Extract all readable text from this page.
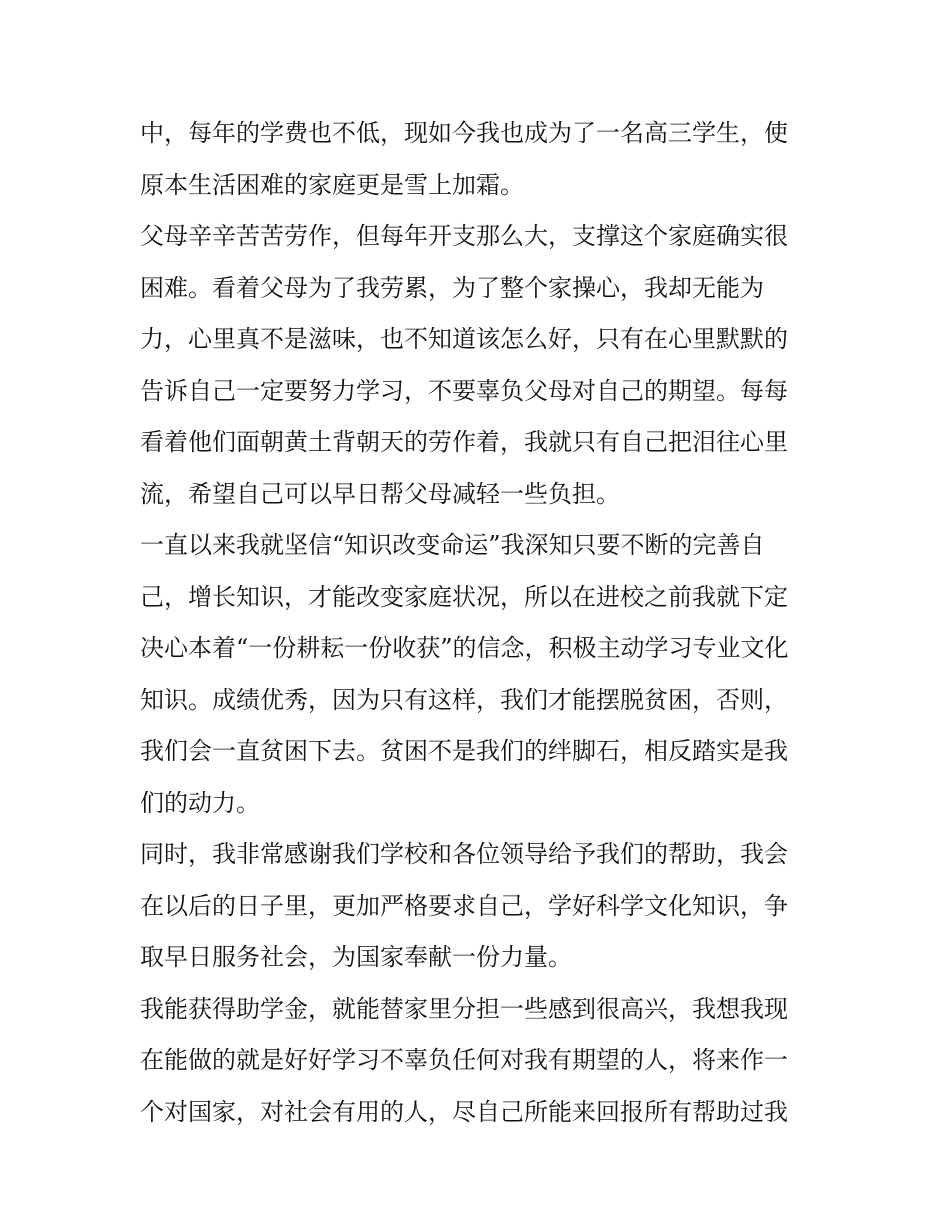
中，每年的学费也不低，现如今我也成为了一名高三学生，使
原本生活困难的家庭更是雪上加霜。
父母辛辛苦苦劳作，但每年开支那么大，支撑这个家庭确实很
困难。看着父母为了我劳累，为了整个家操心，我却无能为
力，心里真不是滋味，也不知道该怎么好，只有在心里默默的
告诉自己一定要努力学习，不要辜负父母对自己的期望。每每
看着他们面朝黄土背朝天的劳作着，我就只有自己把泪往心里
流，希望自己可以早日帮父母减轻一些负担。
一直以来我就坚信“知识改变命运”我深知只要不断的完善自
己，增长知识，才能改变家庭状况，所以在进校之前我就下定
决心本着“一份耕耘一份收获”的信念，积极主动学习专业文化
知识。成绩优秀，因为只有这样，我们才能摆脱贫困，否则，
我们会一直贫困下去。贫困不是我们的绊脚石，相反踏实是我
们的动力。
同时，我非常感谢我们学校和各位领导给予我们的帮助，我会
在以后的日子里，更加严格要求自己，学好科学文化知识，争
取早日服务社会，为国家奉献一份力量。
我能获得助学金，就能替家里分担一些感到很高兴，我想我现
在能做的就是好好学习不辜负任何对我有期望的人，将来作一
个对国家，对社会有用的人，尽自己所能来回报所有帮助过我
